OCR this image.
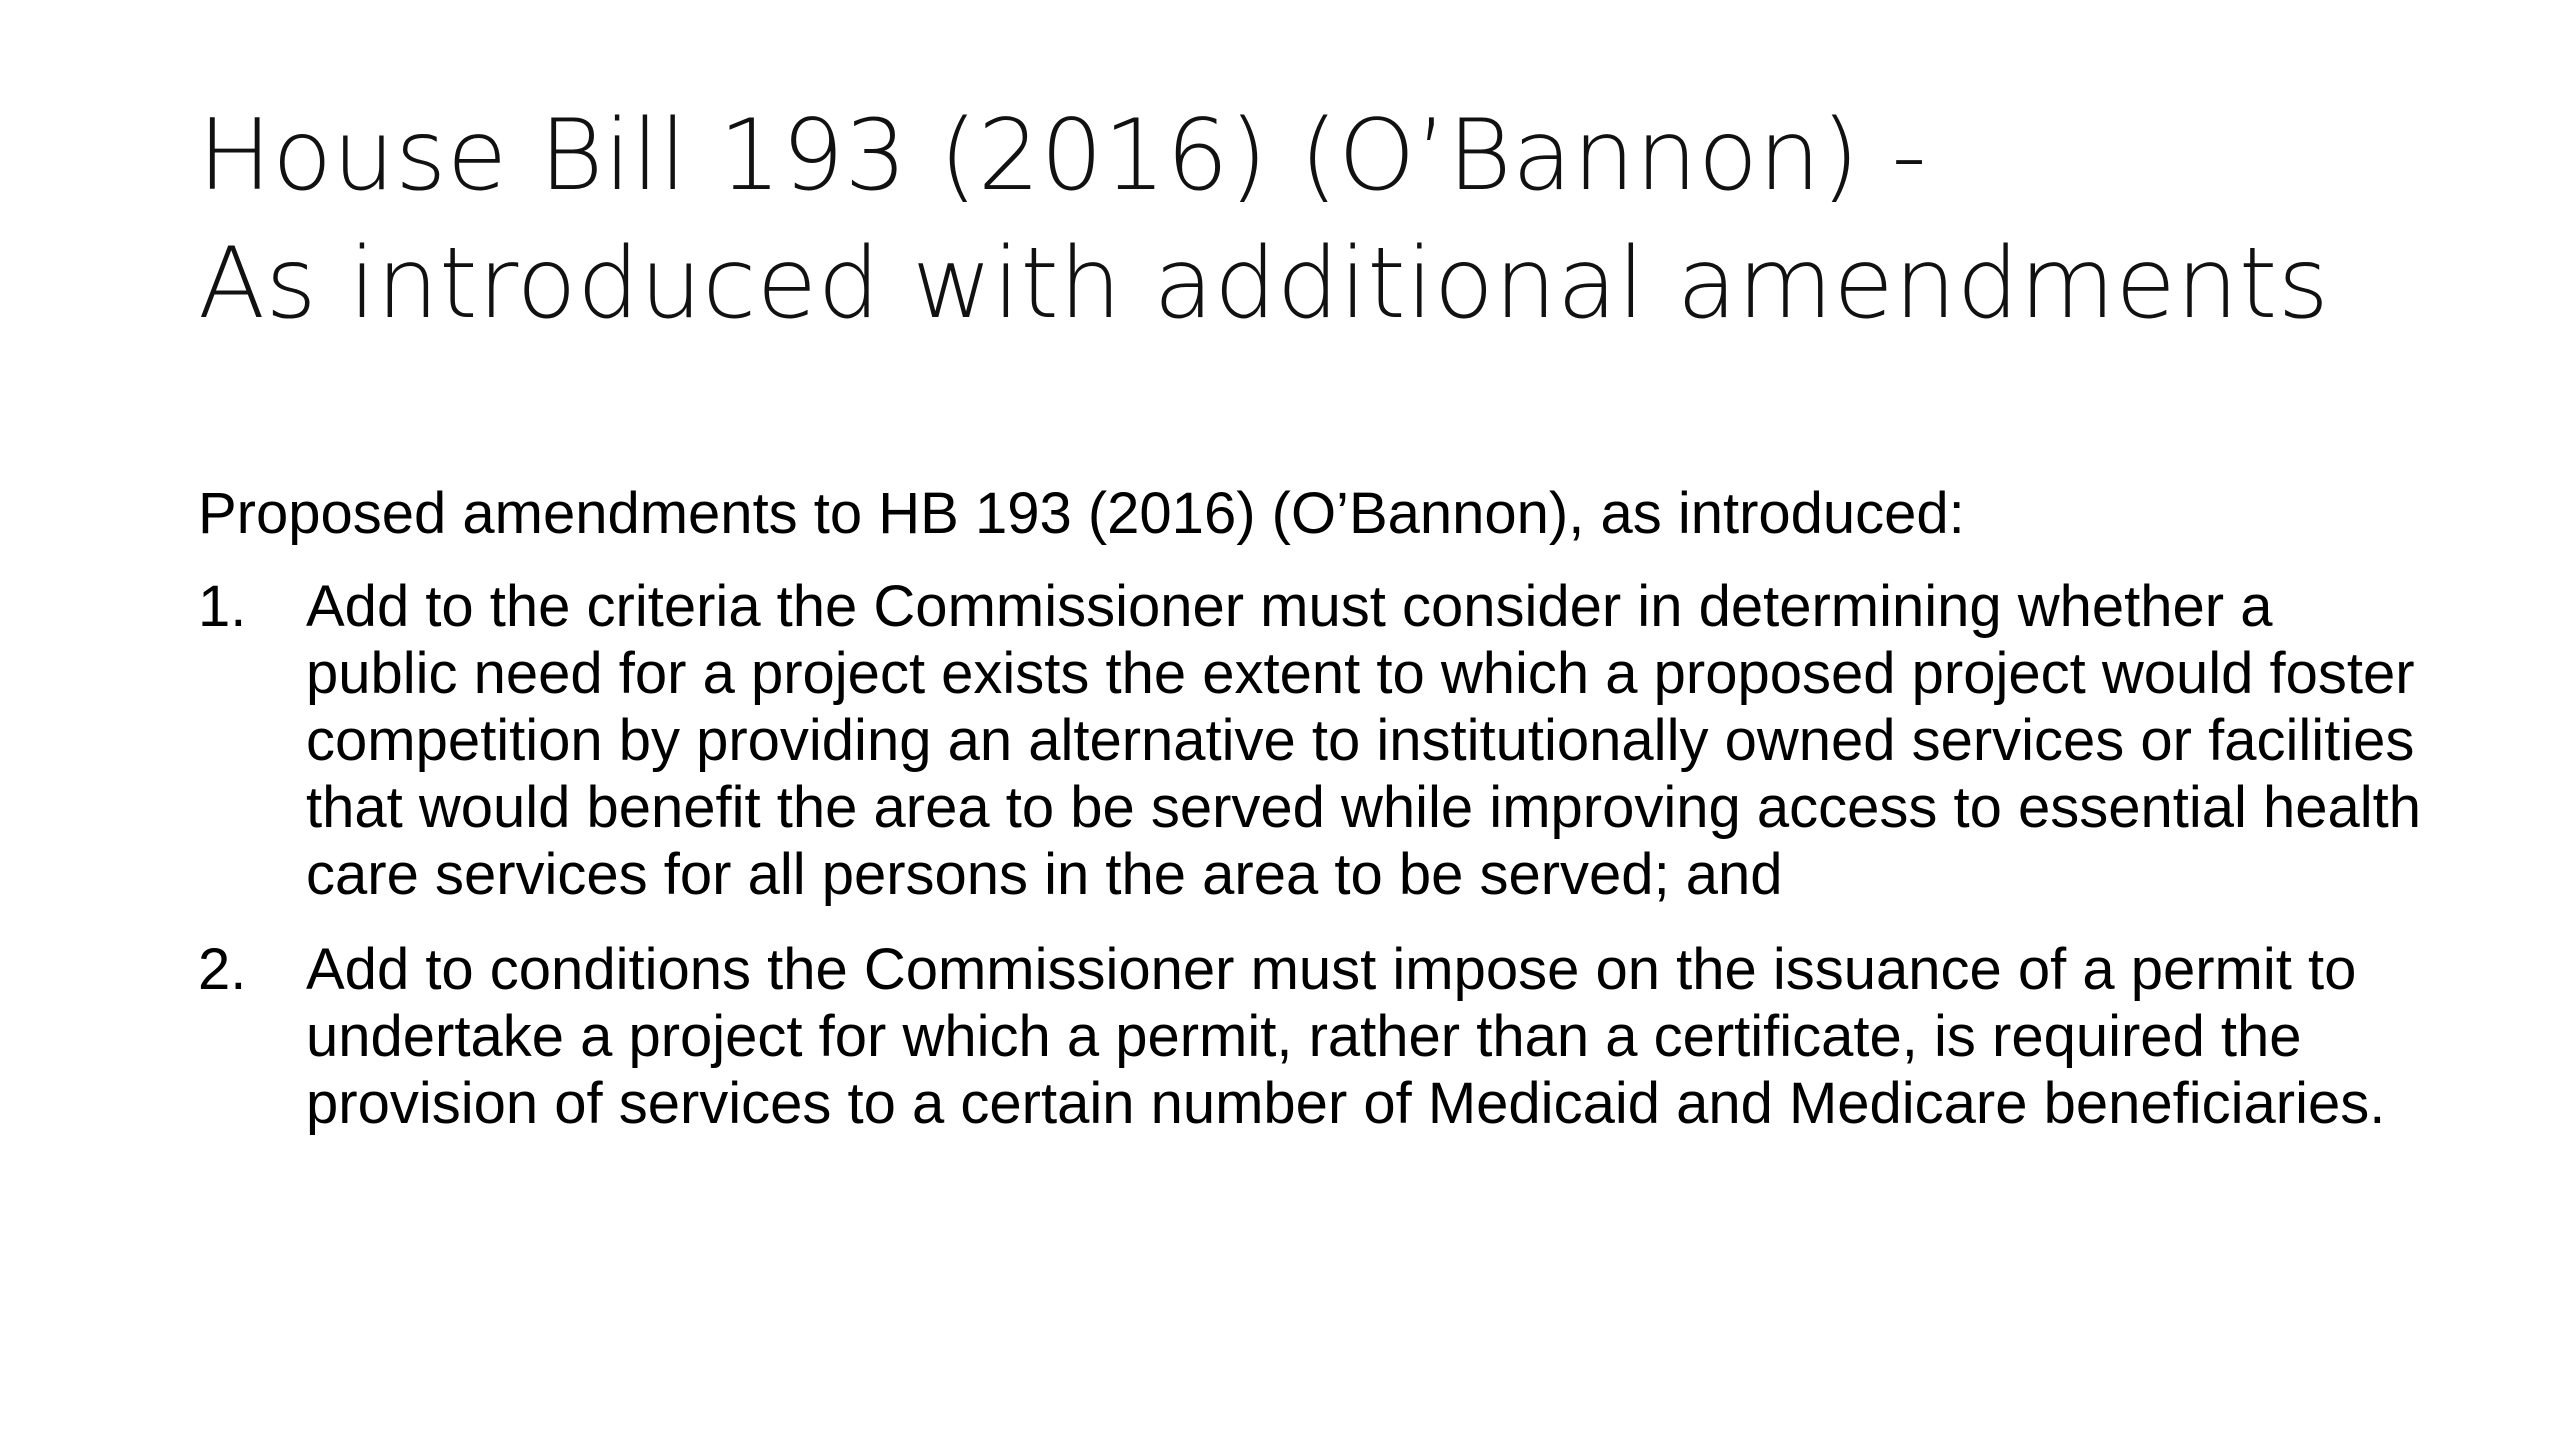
House Bill 193 (2016) (O’Bannon) -
As introduced with additional amendments

Proposed amendments to HB 193 (2016) (O’Bannon), as introduced:

1.	Add to the criteria the Commissioner must consider in determining whether a public need for a project exists the extent to which a proposed project would foster competition by providing an alternative to institutionally owned services or facilities that would benefit the area to be served while improving access to essential health care services for all persons in the area to be served; and
2.	Add to conditions the Commissioner must impose on the issuance of a permit to undertake a project for which a permit, rather than a certificate, is required the provision of services to a certain number of Medicaid and Medicare beneficiaries.
